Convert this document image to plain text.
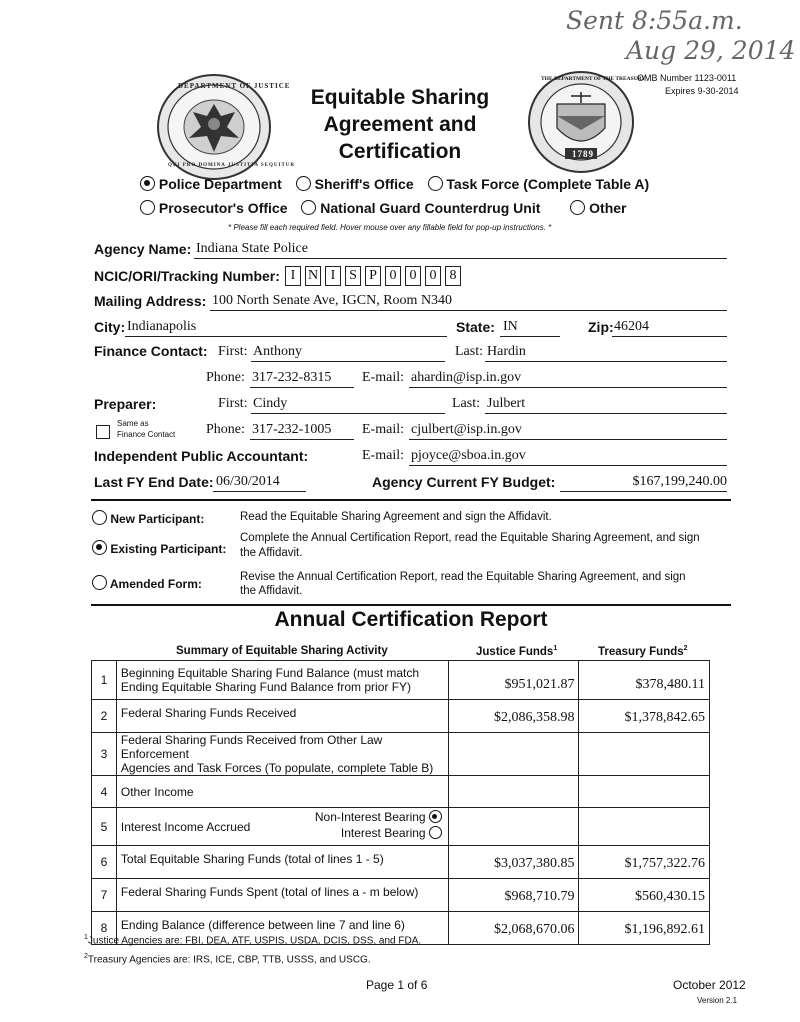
Sent 8:55a.m.
Aug 29, 2014
OMB Number 1123-0011
Expires 9-30-2014
DEPARTMENT OF JUSTICE
QUI PRO DOMINA JUSTITIA SEQUITUR
Equitable Sharing
Agreement and
Certification
THE DEPARTMENT OF THE TREASURY
1789
Police Department Sheriff's Office Task Force (Complete Table A)
Prosecutor's Office National Guard Counterdrug Unit	Other
* Please fill each required field. Hover mouse over any fillable field for pop-up instructions. *
Agency Name: Indiana State Police
NCIC/ORI/Tracking Number: I N I S P 0 0 0 8
Mailing Address: 100 North Senate Ave, IGCN, Room N340
City: Indianapolis	State: IN	Zip: 46204
Finance Contact: First: Anthony	Last: Hardin
Phone: 317-232-8315 E-mail: ahardin@isp.in.gov
Preparer:	First: Cindy	Last: Julbert
Same as
Finance Contact Phone: 317-232-1005 E-mail: cjulbert@isp.in.gov
Independent Public Accountant:	E-mail: pjoyce@sboa.in.gov
Last FY End Date: 06/30/2014	Agency Current FY Budget:	$167,199,240.00
New Participant:	Read the Equitable Sharing Agreement and sign the Affidavit.
Existing Participant:
Complete the Annual Certification Report, read the Equitable Sharing Agreement, and sign
the Affidavit.
Amended Form:	Revise the Annual Certification Report, read the Equitable Sharing Agreement, and sign
the Affidavit.
Annual Certification Report
Summary of Equitable Sharing Activity	Justice Funds$^1$	Treasury Funds$^2$
1	Beginning Equitable Sharing Fund Balance (must match
Ending Equitable Sharing Fund Balance from prior FY)	$951,021.87	$378,480.11
2	Federal Sharing Funds Received	$2,086,358.98	$1,378,842.65
3	Federal Sharing Funds Received from Other Law Enforcement
Agencies and Task Forces (To populate, complete Table B)		

4	Other Income		

5	Interest Income Accrued
Non-Interest Bearing
Interest Bearing		

6	Total Equitable Sharing Funds (total of lines 1 - 5)	$3,037,380.85	$1,757,322.76
7	Federal Sharing Funds Spent (total of lines a - m below)	$968,710.79	$560,430.15
8	Ending Balance (difference between line 7 and line 6)	$2,068,670.06	$1,196,892.61
$^1$Justice Agencies are: FBI, DEA, ATF, USPIS, USDA, DCIS, DSS, and FDA.
$^2$Treasury Agencies are: IRS, ICE, CBP, TTB, USSS, and USCG.
Page 1 of 6	October 2012
Version 2.1
